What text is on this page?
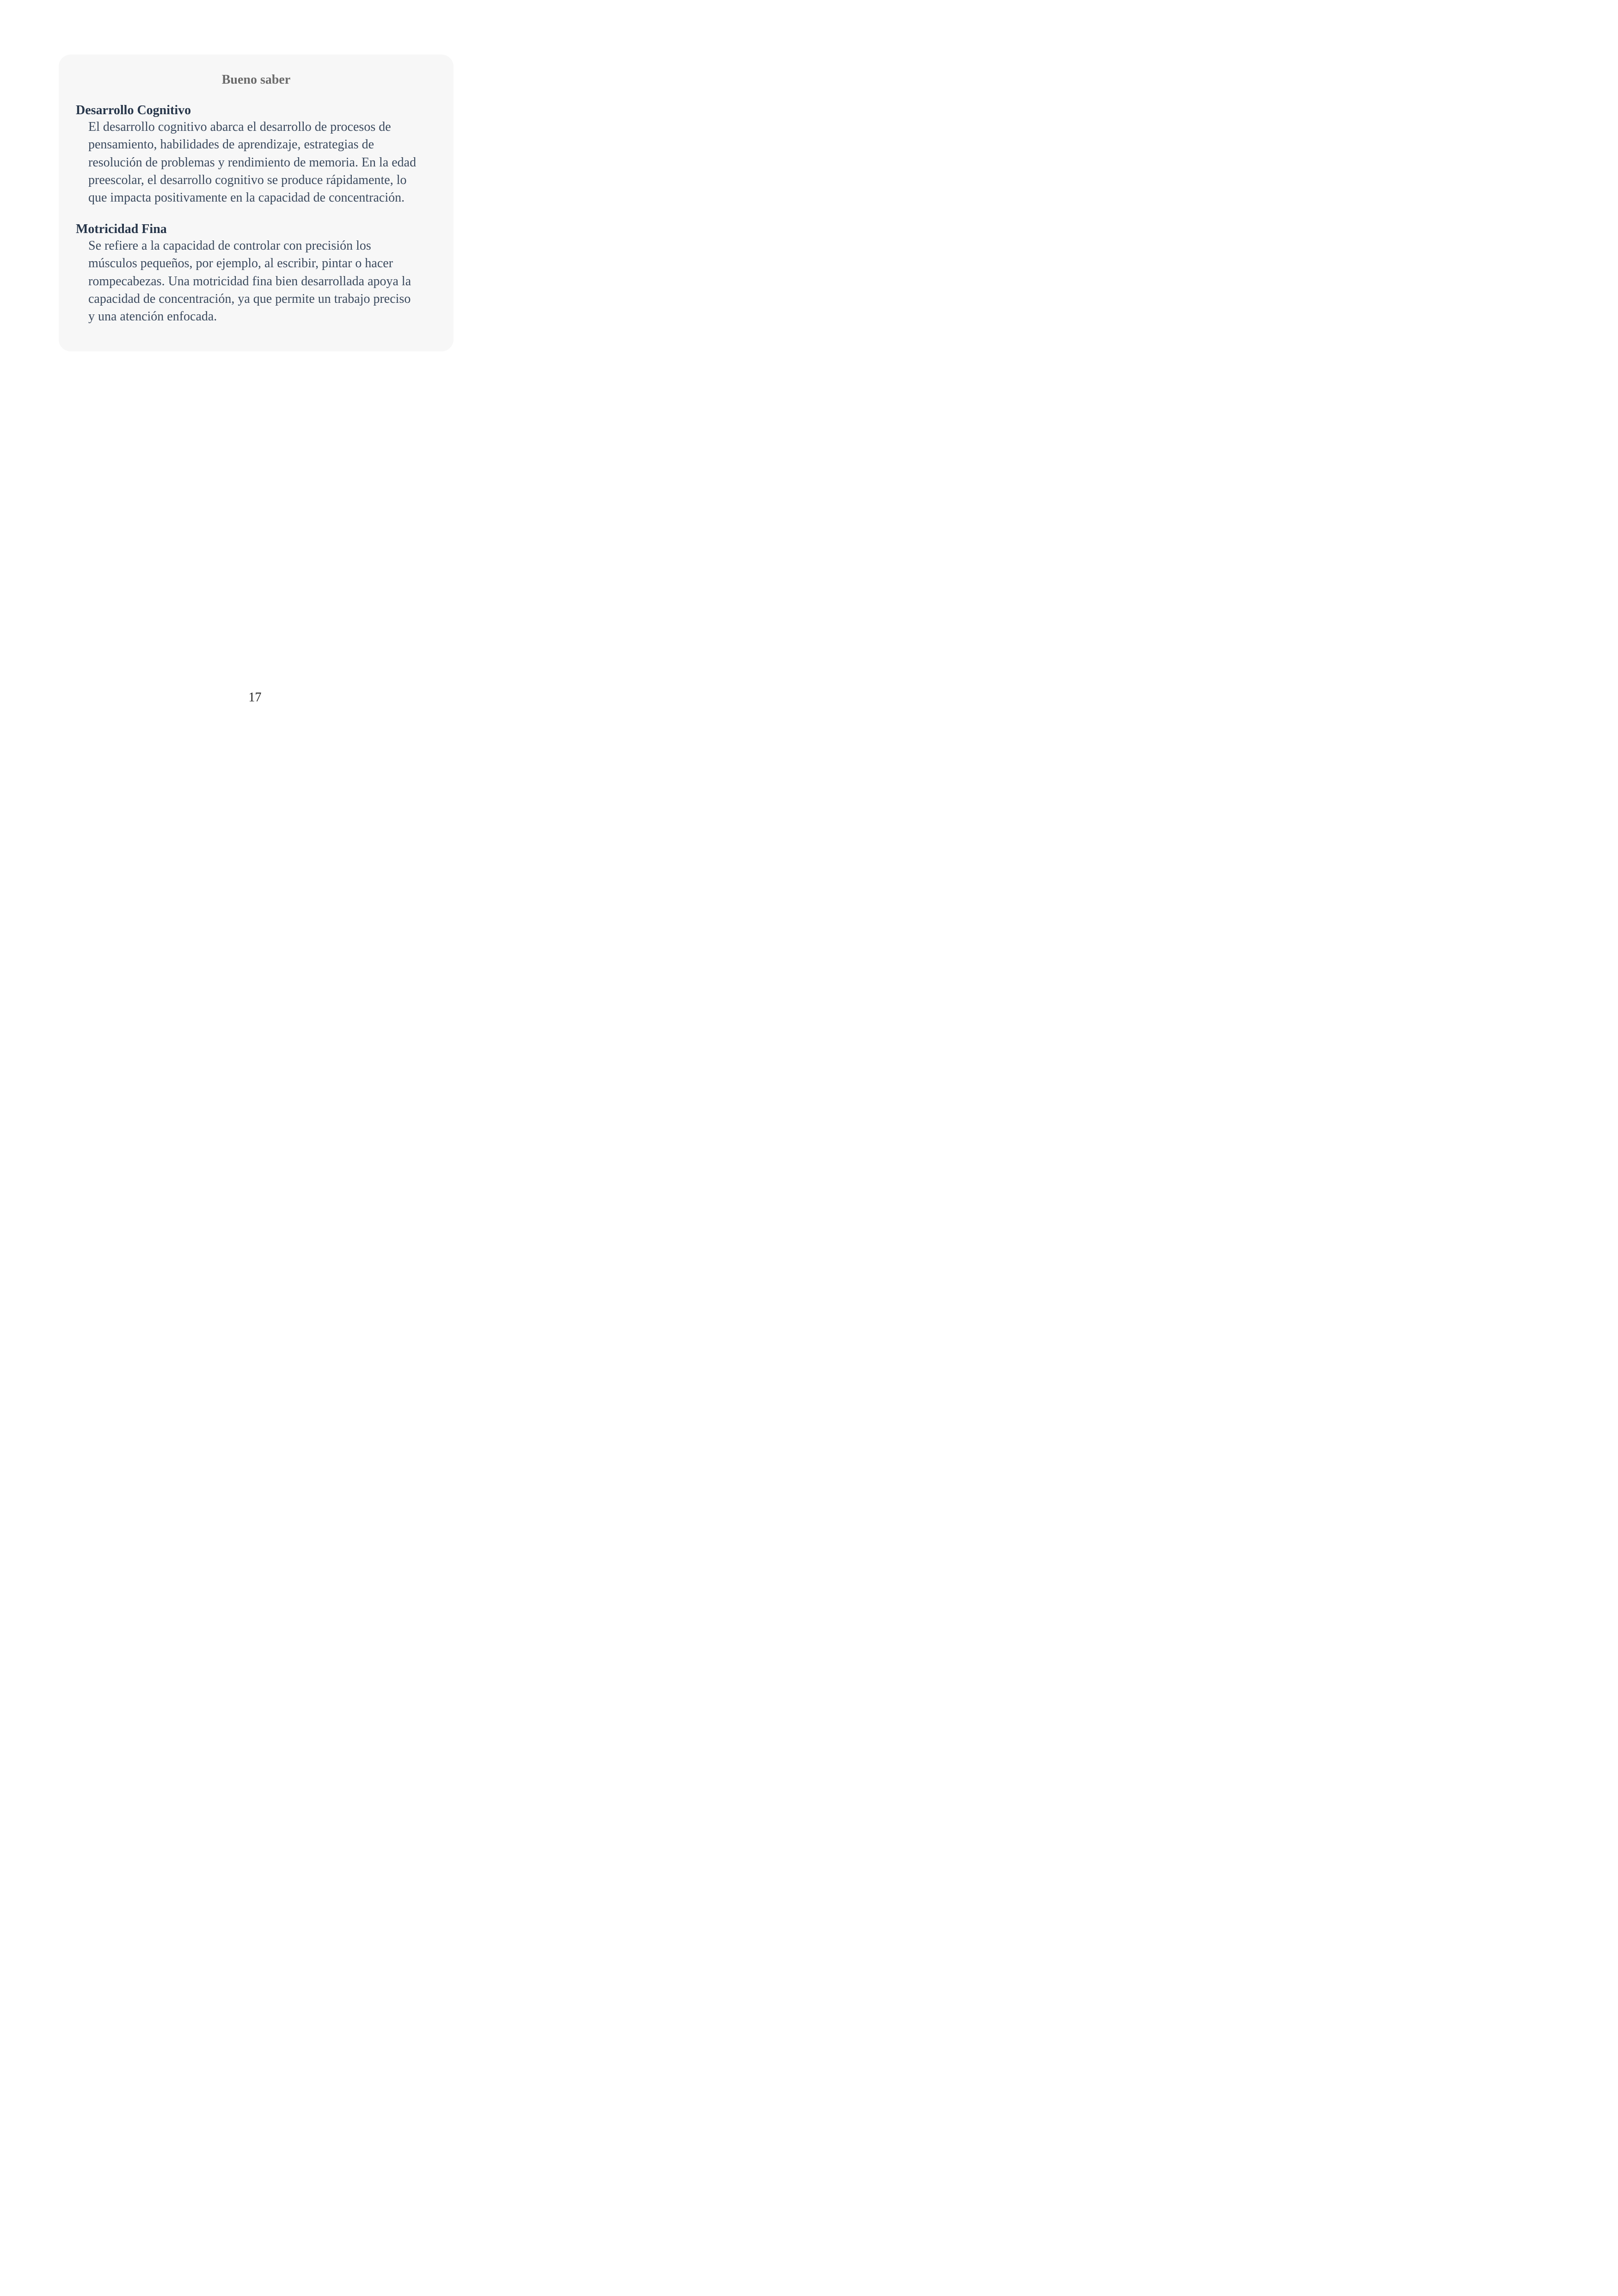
Bueno saber

Desarrollo Cognitivo

El desarrollo cognitivo abarca el desarrollo de procesos de
pensamiento, habilidades de aprendizaje, estrategias de
resolución de problemas y rendimiento de memoria. En la edad
preescolar, el desarrollo cognitivo se produce rápidamente, lo
que impacta positivamente en la capacidad de concentración.

Motricidad Fina

Se refiere a la capacidad de controlar con precisión los
músculos pequeños, por ejemplo, al escribir, pintar o hacer
rompecabezas. Una motricidad fina bien desarrollada apoya la
capacidad de concentración, ya que permite un trabajo preciso
y una atención enfocada.
17
